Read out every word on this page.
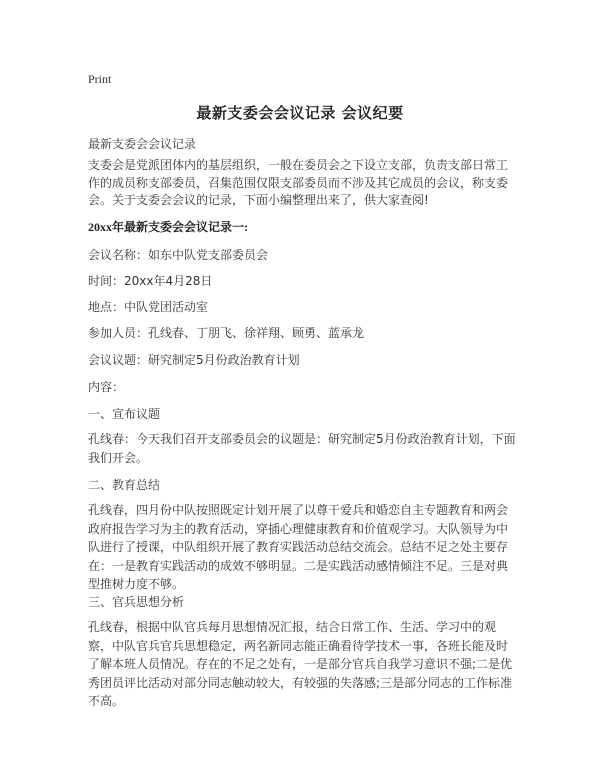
Print
最新支委会会议记录 会议纪要
最新支委会会议记录
支委会是党派团体内的基层组织，一般在委员会之下设立支部，负责支部日常工作的成员称支部委员，召集范围仅限支部委员而不涉及其它成员的会议，称支委会。关于支委会会议的记录，下面小编整理出来了，供大家查阅!
20xx年最新支委会会议记录一:
会议名称：如东中队党支部委员会
时间：20xx年4月28日
地点：中队党团活动室
参加人员：孔线春、丁朋飞、徐祥翔、顾勇、蓝承龙
会议议题：研究制定5月份政治教育计划
内容：
一、宣布议题
孔线春：今天我们召开支部委员会的议题是：研究制定5月份政治教育计划，下面我们开会。
二、教育总结
孔线春，四月份中队按照既定计划开展了以尊干爱兵和婚恋自主专题教育和两会政府报告学习为主的教育活动，穿插心理健康教育和价值观学习。大队领导为中队进行了授课，中队组织开展了教育实践活动总结交流会。总结不足之处主要存在：一是教育实践活动的成效不够明显。二是实践活动感情倾注不足。三是对典型推树力度不够。
三、官兵思想分析
孔线春，根据中队官兵每月思想情况汇报，结合日常工作、生活、学习中的观察，中队官兵官兵思想稳定，两名新同志能正确看待学技术一事，各班长能及时了解本班人员情况。存在的不足之处有，一是部分官兵自我学习意识不强;二是优秀团员评比活动对部分同志触动较大，有较强的失落感;三是部分同志的工作标准不高。
